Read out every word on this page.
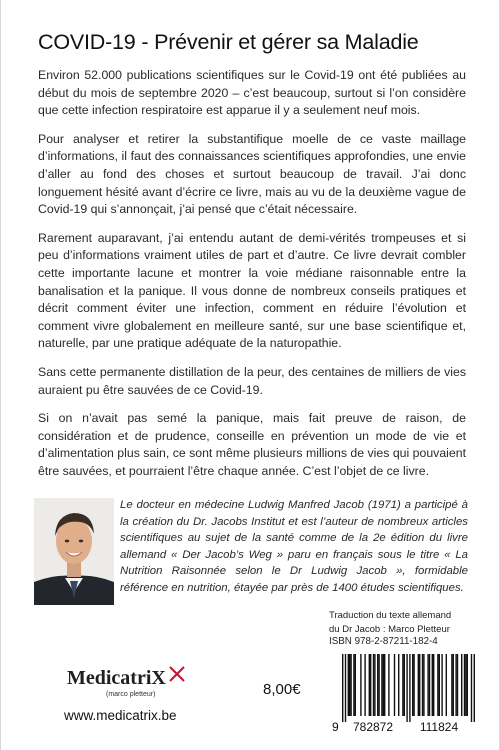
COVID-19 - Prévenir et gérer sa Maladie

Environ 52.000 publications scientifiques sur le Covid-19 ont été publiées au début du mois de septembre 2020 – c’est beaucoup, surtout si l’on considère que cette infection respiratoire est apparue il y a seulement neuf mois.

Pour analyser et retirer la substantifique moelle de ce vaste maillage d’informations, il faut des connaissances scientifiques approfondies, une envie d’aller au fond des choses et surtout beaucoup de travail. J’ai donc longuement hésité avant d’écrire ce livre, mais au vu de la deuxième vague de Covid-19 qui s’annonçait, j’ai pensé que c’était nécessaire.

Rarement auparavant, j’ai entendu autant de demi-vérités trompeuses et si peu d’informations vraiment utiles de part et d’autre. Ce livre devrait combler cette importante lacune et montrer la voie médiane raisonnable entre la banalisation et la panique. Il vous donne de nombreux conseils pratiques et décrit comment éviter une infection, comment en réduire l’évolution et comment vivre globalement en meilleure santé, sur une base scientifique et, naturelle, par une pratique adéquate de la naturopathie.

Sans cette permanente distillation de la peur, des centaines de milliers de vies auraient pu être sauvées de ce Covid-19.

Si on n’avait pas semé la panique, mais fait preuve de raison, de considération et de prudence, conseille en prévention un mode de vie et d’alimentation plus sain, ce sont même plusieurs millions de vies qui pouvaient être sauvées, et pourraient l’être chaque année. C’est l’objet de ce livre.

Le docteur en médecine Ludwig Manfred Jacob (1971) a participé à la création du Dr. Jacobs Institut et est l’auteur de nombreux articles scientifiques au sujet de la santé comme de la 2e édition du livre allemand « Der Jacob’s Weg » paru en français sous le titre « La Nutrition Raisonnée selon le Dr Ludwig Jacob », formidable référence en nutrition, étayée par près de 1400 études scientifiques.

Traduction du texte allemand
du Dr Jacob : Marco Pletteur
ISBN 978-2-87211-182-4
9 782872 111824
MedicatriX
(marco pletteur)	8,00€
www.medicatrix.be
